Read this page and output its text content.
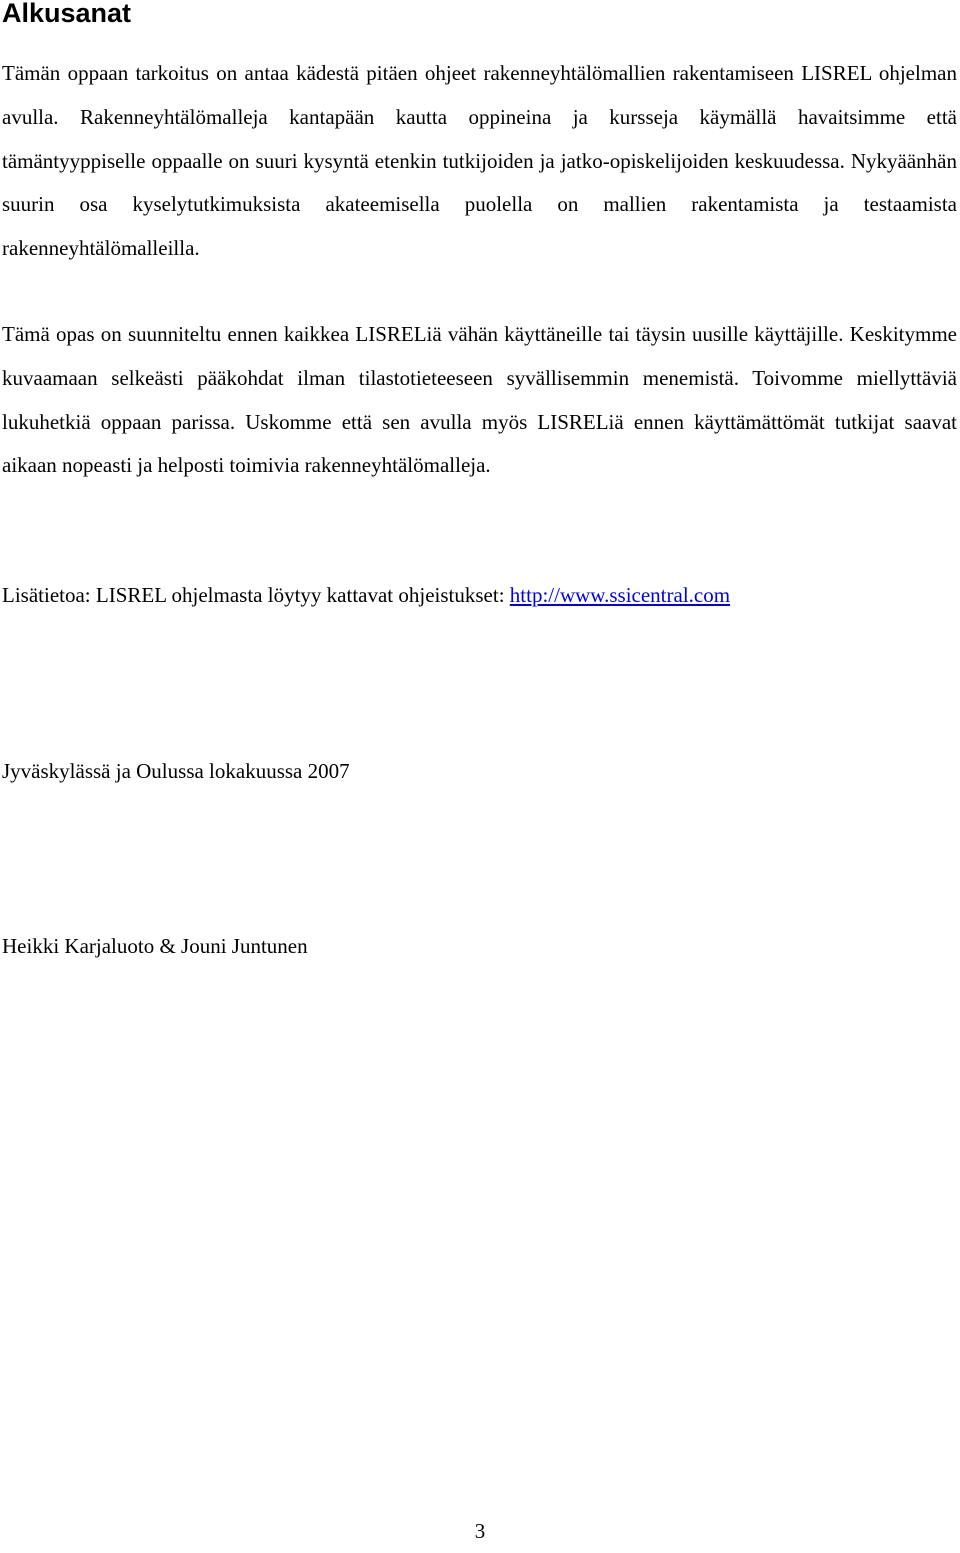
Alkusanat

Tämän oppaan tarkoitus on antaa kädestä pitäen ohjeet rakenneyhtälömallien rakentamiseen LISREL ohjelman avulla. Rakenneyhtälömalleja kantapään kautta oppineina ja kursseja käymällä havaitsimme että tämäntyyppiselle oppaalle on suuri kysyntä etenkin tutkijoiden ja jatko-opiskelijoiden keskuudessa. Nykyäänhän suurin osa kyselytutkimuksista akateemisella puolella on mallien rakentamista ja testaamista rakenneyhtälömalleilla.

Tämä opas on suunniteltu ennen kaikkea LISRELiä vähän käyttäneille tai täysin uusille käyttäjille. Keskitymme kuvaamaan selkeästi pääkohdat ilman tilastotieteeseen syvällisemmin menemistä. Toivomme miellyttäviä lukuhetkiä oppaan parissa. Uskomme että sen avulla myös LISRELiä ennen käyttämättömät tutkijat saavat aikaan nopeasti ja helposti toimivia rakenneyhtälömalleja.

Lisätietoa: LISREL ohjelmasta löytyy kattavat ohjeistukset: http://www.ssicentral.com

Jyväskylässä ja Oulussa lokakuussa 2007

Heikki Karjaluoto & Jouni Juntunen

3
